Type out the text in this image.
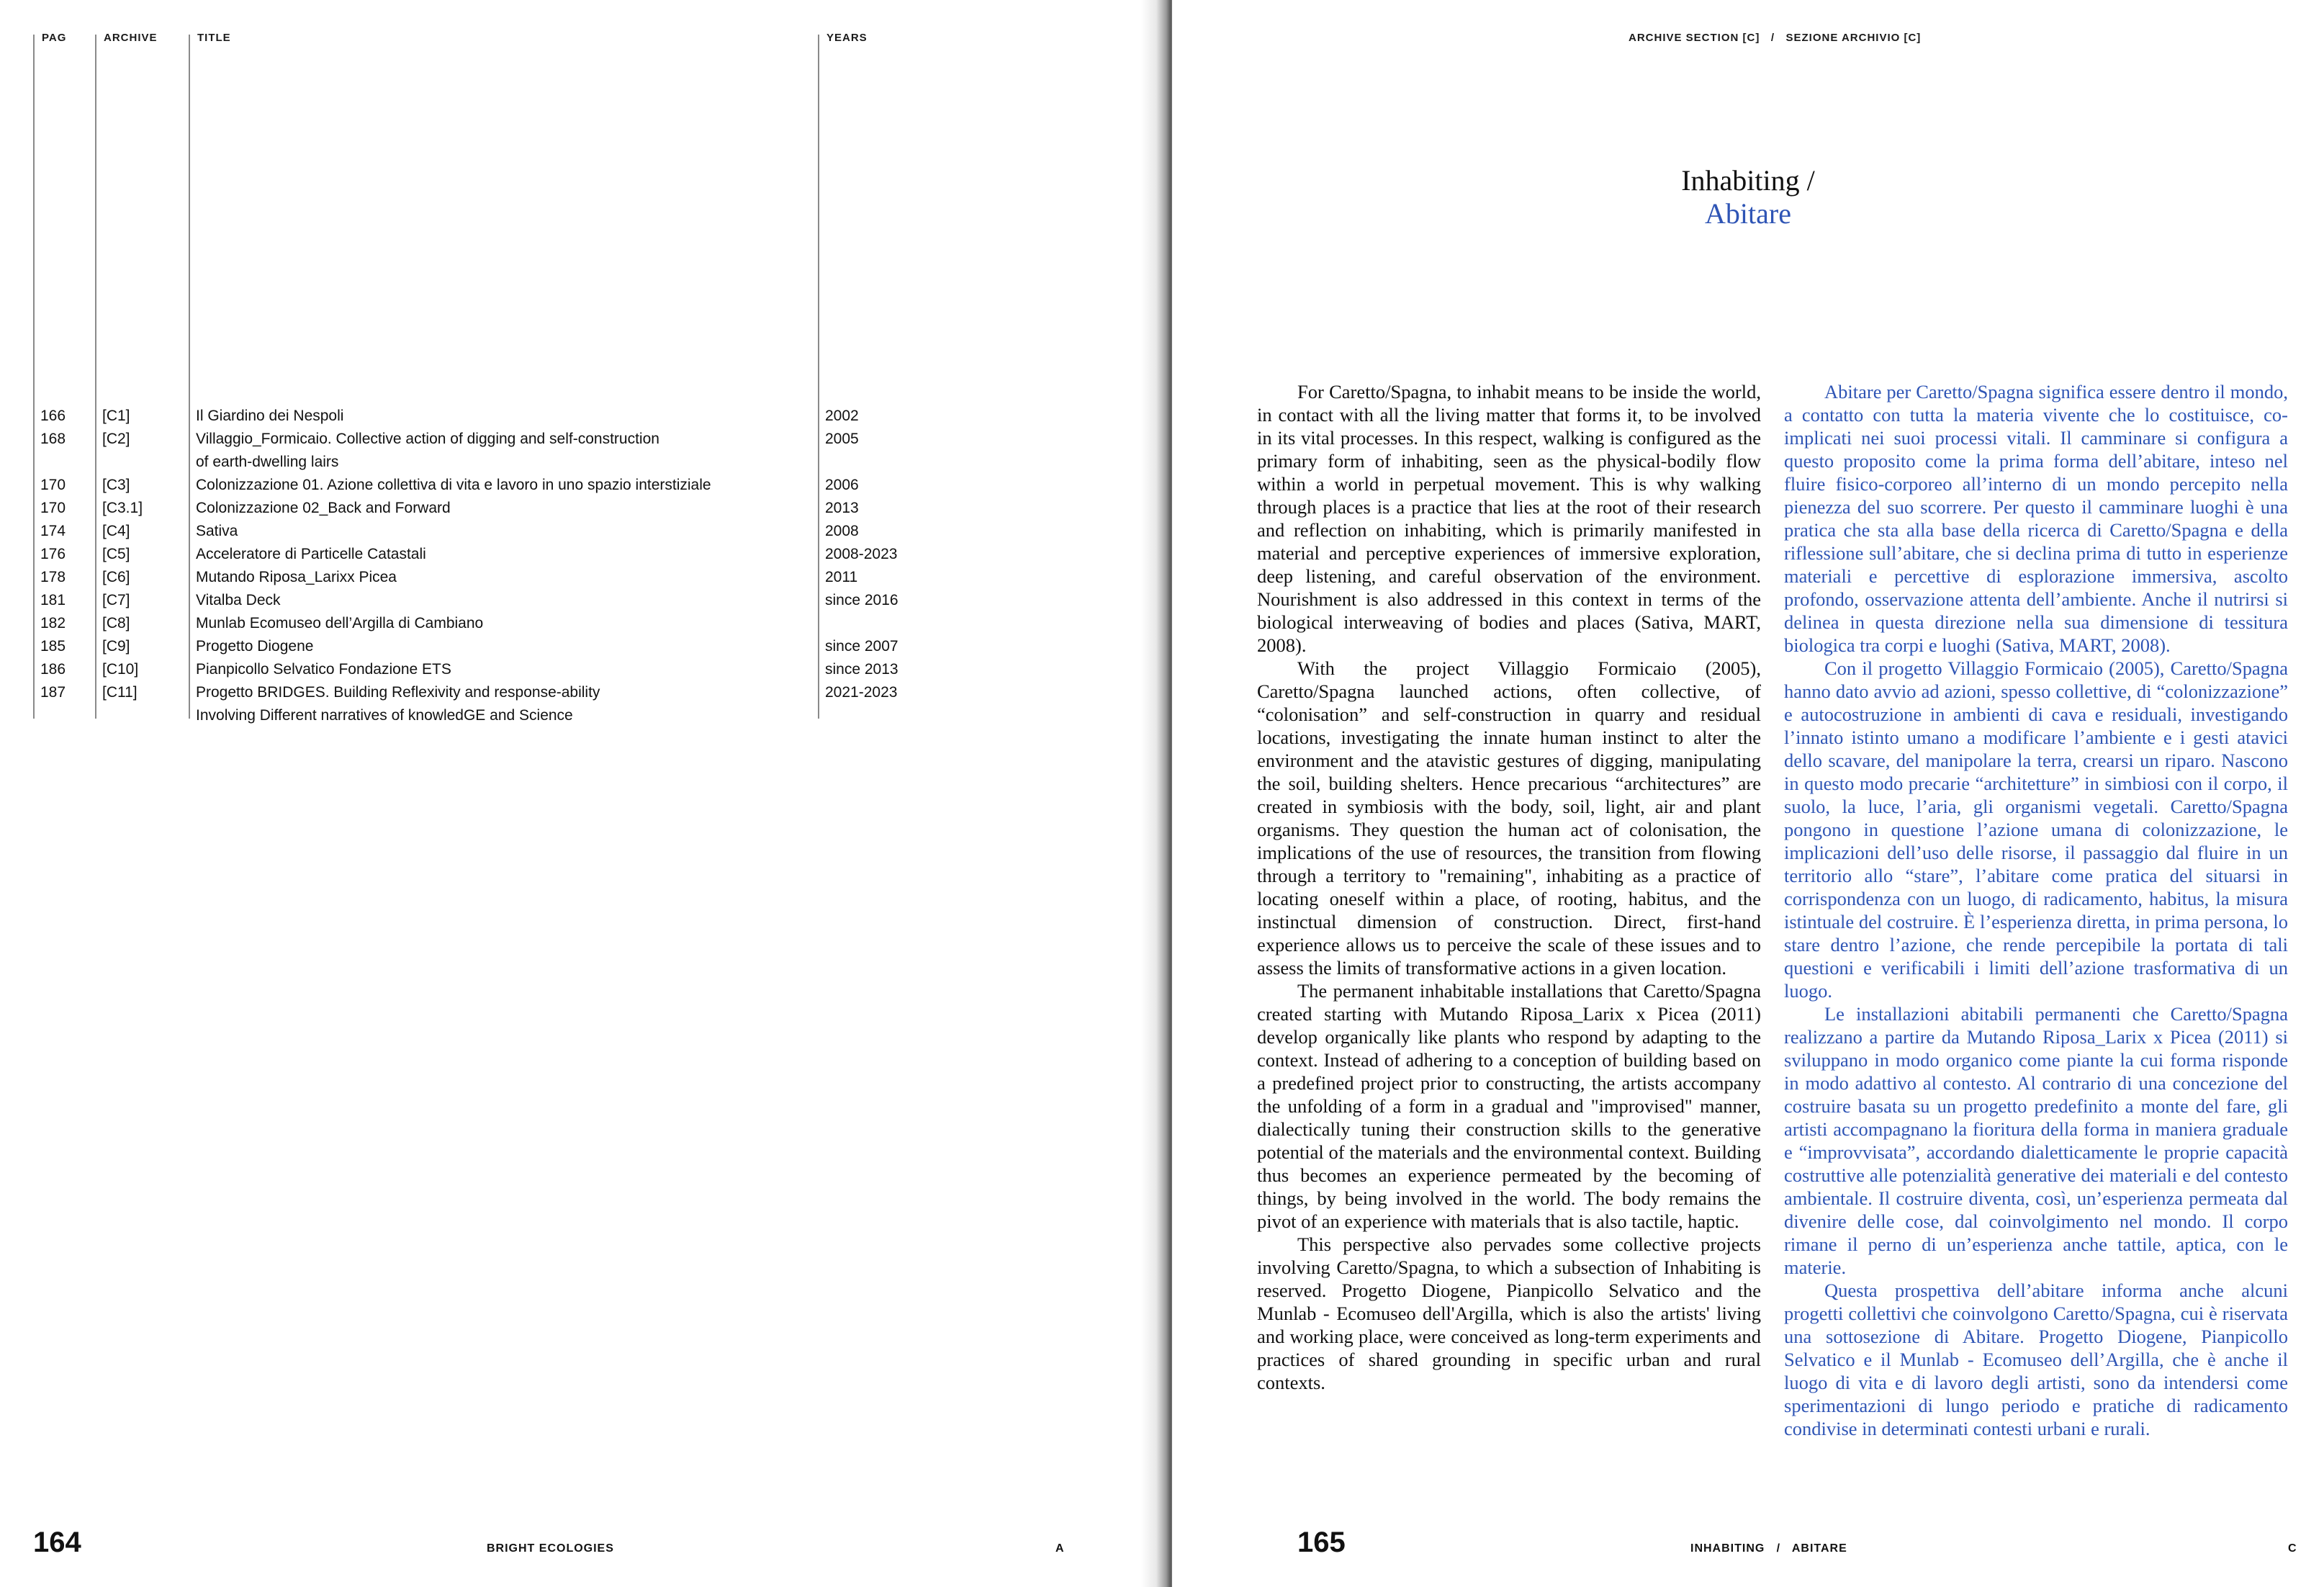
PAG	ARCHIVE	TITLE	YEARS
166 [C1]	Il Giardino dei Nespoli	2002
168 [C2]	Villaggio_Formicaio. Collective action of digging and self-construction	2005
of earth-dwelling lairs
170 [C3]	Colonizzazione 01. Azione collettiva di vita e lavoro in uno spazio interstiziale	2006
170 [C3.1]	Colonizzazione 02_Back and Forward	2013
174 [C4]	Sativa	2008
176 [C5]	Acceleratore di Particelle Catastali	2008-2023
178 [C6]	Mutando Riposa_Larixx Picea	2011
181 [C7]	Vitalba Deck	since 2016
182 [C8]	Munlab Ecomuseo dell’Argilla di Cambiano
185 [C9]	Progetto Diogene	since 2007
186 [C10]	Pianpicollo Selvatico Fondazione ETS	since 2013
187 [C11]	Progetto BRIDGES. Building Reflexivity and response-ability	2021-2023
Involving Different narratives of knowledGE and Science
164	BRIGHT ECOLOGIES	A
ARCHIVE SECTION [C]   /   SEZIONE ARCHIVIO [C]
Inhabiting /
Abitare

For Caretto/Spagna, to inhabit means to be inside the world, in contact with all the living matter that forms it, to be involved in its vital processes. In this respect, walking is configured as the primary form of inhabiting, seen as the physical-bodily flow within a world in perpetual movement. This is why walking through places is a practice that lies at the root of their research and reflection on inhabiting, which is primarily manifested in material and perceptive experiences of immersive exploration, deep listening, and careful observation of the environment. Nourishment is also addressed in this context in terms of the biological interweaving of bodies and places (Sativa, MART, 2008).

With the project Villaggio Formicaio (2005), Caretto/Spagna launched actions, often collective, of “colonisation” and self-construction in quarry and residual locations, investigating the innate human instinct to alter the environment and the atavistic gestures of digging, manipulating the soil, building shelters. Hence precarious “architectures” are created in symbiosis with the body, soil, light, air and plant organisms. They question the human act of colonisation, the implications of the use of resources, the transition from flowing through a territory to "remaining", inhabiting as a practice of locating oneself within a place, of rooting, habitus, and the instinctual dimension of construction. Direct, first-hand experience allows us to perceive the scale of these issues and to assess the limits of transformative actions in a given location.

The permanent inhabitable installations that Caretto/Spagna created starting with Mutando Riposa_Larix x Picea (2011) develop organically like plants who respond by adapting to the context. Instead of adhering to a conception of building based on a predefined project prior to constructing, the artists accompany the unfolding of a form in a gradual and "improvised" manner, dialectically tuning their construction skills to the generative potential of the materials and the environmental context. Building thus becomes an experience permeated by the becoming of things, by being involved in the world. The body remains the pivot of an experience with materials that is also tactile, haptic.

This perspective also pervades some collective projects involving Caretto/Spagna, to which a subsection of Inhabiting is reserved. Progetto Diogene, Pianpicollo Selvatico and the Munlab - Ecomuseo dell'Argilla, which is also the artists' living and working place, were conceived as long-term experiments and practices of shared grounding in specific urban and rural contexts.

Abitare per Caretto/Spagna significa essere dentro il mondo, a contatto con tutta la materia vivente che lo costituisce, co-implicati nei suoi processi vitali. Il camminare si configura a questo proposito come la prima forma dell’abitare, inteso nel fluire fisico-corporeo all’interno di un mondo percepito nella pienezza del suo scorrere. Per questo il camminare luoghi è una pratica che sta alla base della ricerca di Caretto/Spagna e della riflessione sull’abitare, che si declina prima di tutto in esperienze materiali e percettive di esplorazione immersiva, ascolto profondo, osservazione attenta dell’ambiente. Anche il nutrirsi si delinea in questa direzione nella sua dimensione di tessitura biologica tra corpi e luoghi (Sativa, MART, 2008).

Con il progetto Villaggio Formicaio (2005), Caretto/Spagna hanno dato avvio ad azioni, spesso collettive, di “colonizzazione” e autocostruzione in ambienti di cava e residuali, investigando l’innato istinto umano a modificare l’ambiente e i gesti atavici dello scavare, del manipolare la terra, crearsi un riparo. Nascono in questo modo precarie “architetture” in simbiosi con il corpo, il suolo, la luce, l’aria, gli organismi vegetali. Caretto/Spagna pongono in questione l’azione umana di colonizzazione, le implicazioni dell’uso delle risorse, il passaggio dal fluire in un territorio allo “stare”, l’abitare come pratica del situarsi in corrispondenza con un luogo, di radicamento, habitus, la misura istintuale del costruire. È l’esperienza diretta, in prima persona, lo stare dentro l’azione, che rende percepibile la portata di tali questioni e verificabili i limiti dell’azione trasformativa di un luogo.

Le installazioni abitabili permanenti che Caretto/Spagna realizzano a partire da Mutando Riposa_Larix x Picea (2011) si sviluppano in modo organico come piante la cui forma risponde in modo adattivo al contesto. Al contrario di una concezione del costruire basata su un progetto predefinito a monte del fare, gli artisti accompagnano la fioritura della forma in maniera graduale e “improvvisata”, accordando dialetticamente le proprie capacità costruttive alle potenzialità generative dei materiali e del contesto ambientale. Il costruire diventa, così, un’esperienza permeata dal divenire delle cose, dal coinvolgimento nel mondo. Il corpo rimane il perno di un’esperienza anche tattile, aptica, con le materie.

Questa prospettiva dell’abitare informa anche alcuni progetti collettivi che coinvolgono Caretto/Spagna, cui è riservata una sottosezione di Abitare. Progetto Diogene, Pianpicollo Selvatico e il Munlab - Ecomuseo dell’Argilla, che è anche il luogo di vita e di lavoro degli artisti, sono da intendersi come sperimentazioni di lungo periodo e pratiche di radicamento condivise in determinati contesti urbani e rurali.

165	INHABITING   /   ABITARE	C
